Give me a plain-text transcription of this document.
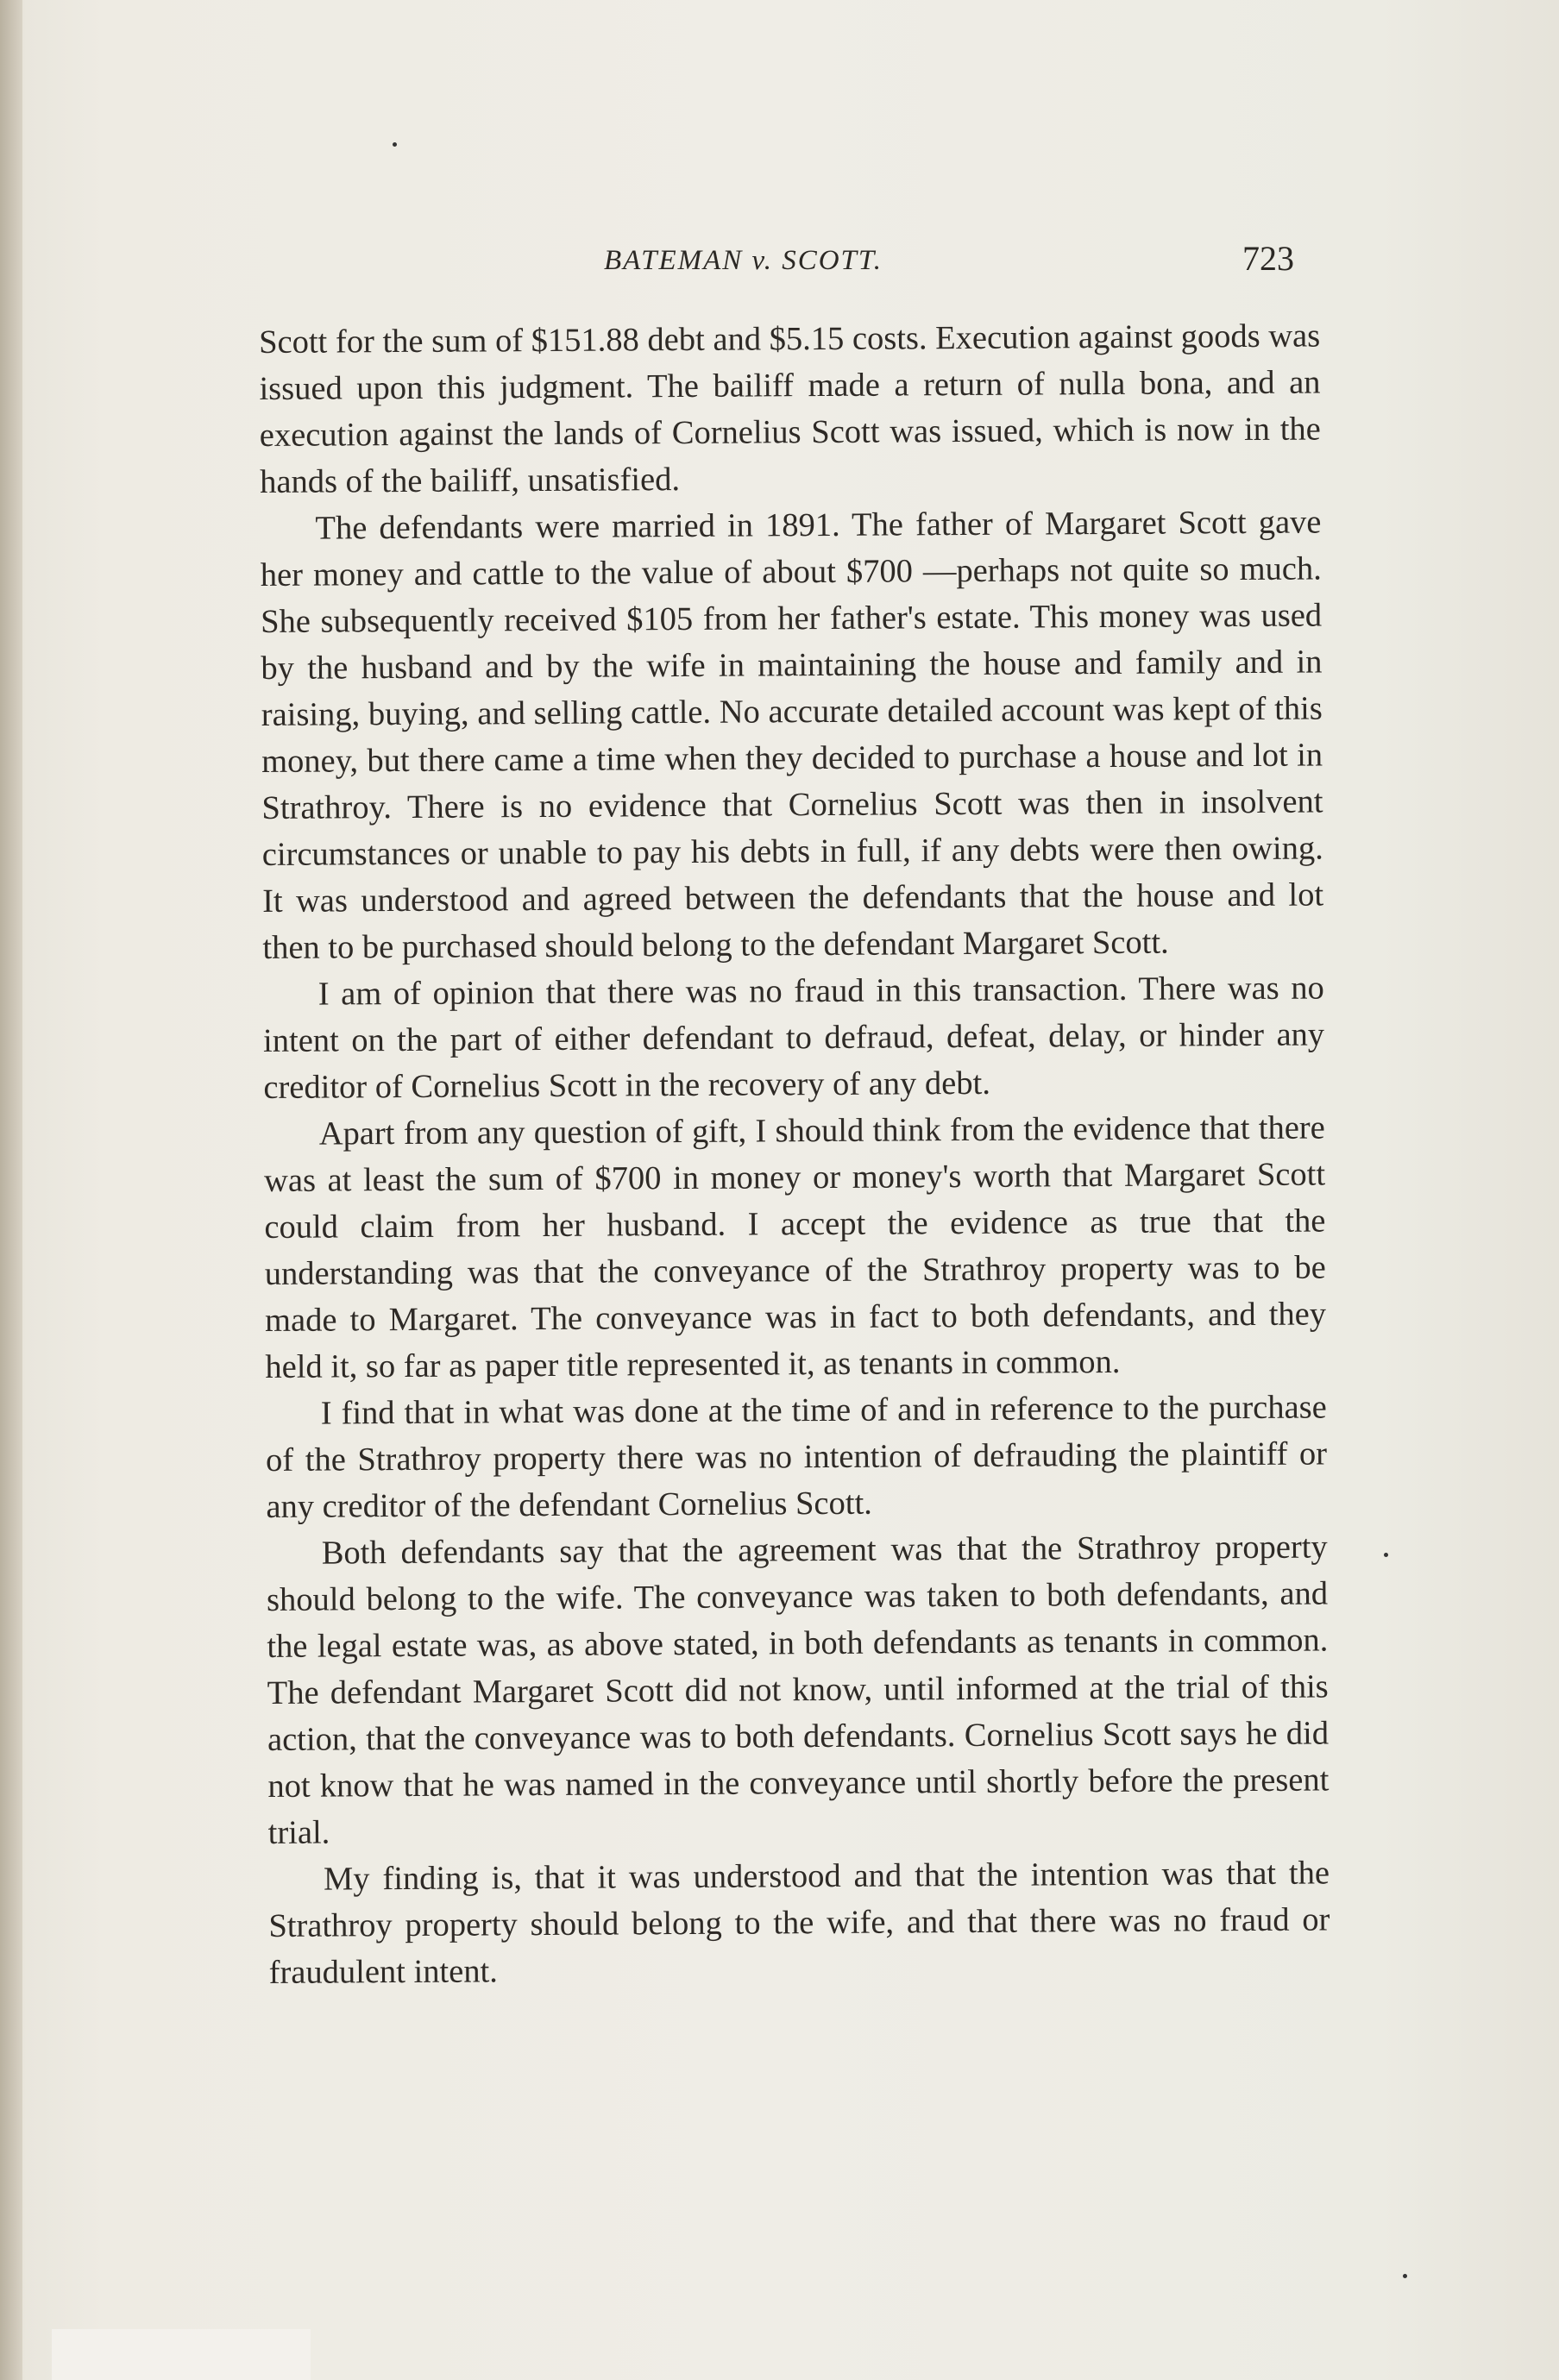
BATEMAN v. SCOTT.	723

Scott for the sum of $151.88 debt and $5.15 costs. Execution against goods was issued upon this judgment. The bailiff made a return of nulla bona, and an execution against the lands of Cornelius Scott was issued, which is now in the hands of the bailiff, unsatisfied.

The defendants were married in 1891. The father of Margaret Scott gave her money and cattle to the value of about $700 —perhaps not quite so much. She subsequently received $105 from her father's estate. This money was used by the husband and by the wife in maintaining the house and family and in raising, buying, and selling cattle. No accurate detailed account was kept of this money, but there came a time when they decided to purchase a house and lot in Strathroy. There is no evidence that Cornelius Scott was then in insolvent circumstances or unable to pay his debts in full, if any debts were then owing. It was understood and agreed between the defendants that the house and lot then to be purchased should belong to the defendant Margaret Scott.

I am of opinion that there was no fraud in this transaction. There was no intent on the part of either defendant to defraud, defeat, delay, or hinder any creditor of Cornelius Scott in the recovery of any debt.

Apart from any question of gift, I should think from the evidence that there was at least the sum of $700 in money or money's worth that Margaret Scott could claim from her husband. I accept the evidence as true that the understanding was that the conveyance of the Strathroy property was to be made to Margaret. The conveyance was in fact to both defendants, and they held it, so far as paper title represented it, as tenants in common.

I find that in what was done at the time of and in reference to the purchase of the Strathroy property there was no intention of defrauding the plaintiff or any creditor of the defendant Cornelius Scott.

Both defendants say that the agreement was that the Strathroy property should belong to the wife. The conveyance was taken to both defendants, and the legal estate was, as above stated, in both defendants as tenants in common. The defendant Margaret Scott did not know, until informed at the trial of this action, that the conveyance was to both defendants. Cornelius Scott says he did not know that he was named in the conveyance until shortly before the present trial.

My finding is, that it was understood and that the intention was that the Strathroy property should belong to the wife, and that there was no fraud or fraudulent intent.
